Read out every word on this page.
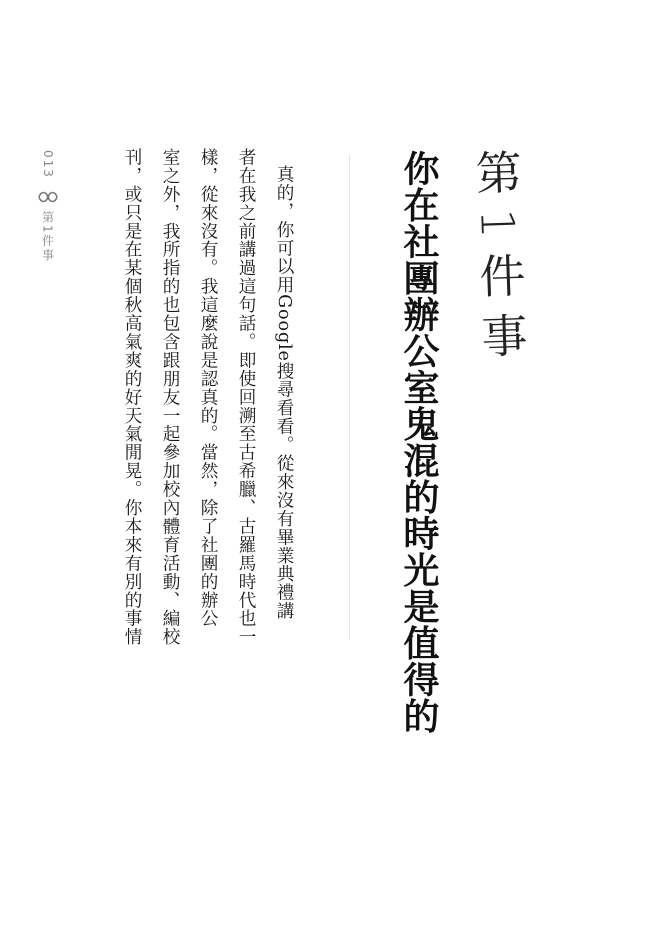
第1件事
你在社團辦公室鬼混的時光是值得的
真的，你可以用Google搜尋看看。從來沒有畢業典禮講
者在我之前講過這句話。即使回溯至古希臘、古羅馬時代也一
樣，從來沒有。我這麼說是認真的。當然，除了社團的辦公
室之外，我所指的也包含跟朋友一起參加校內體育活動、編校
刊，或只是在某個秋高氣爽的好天氣閒晃。你本來有別的事情
013
第1件事
